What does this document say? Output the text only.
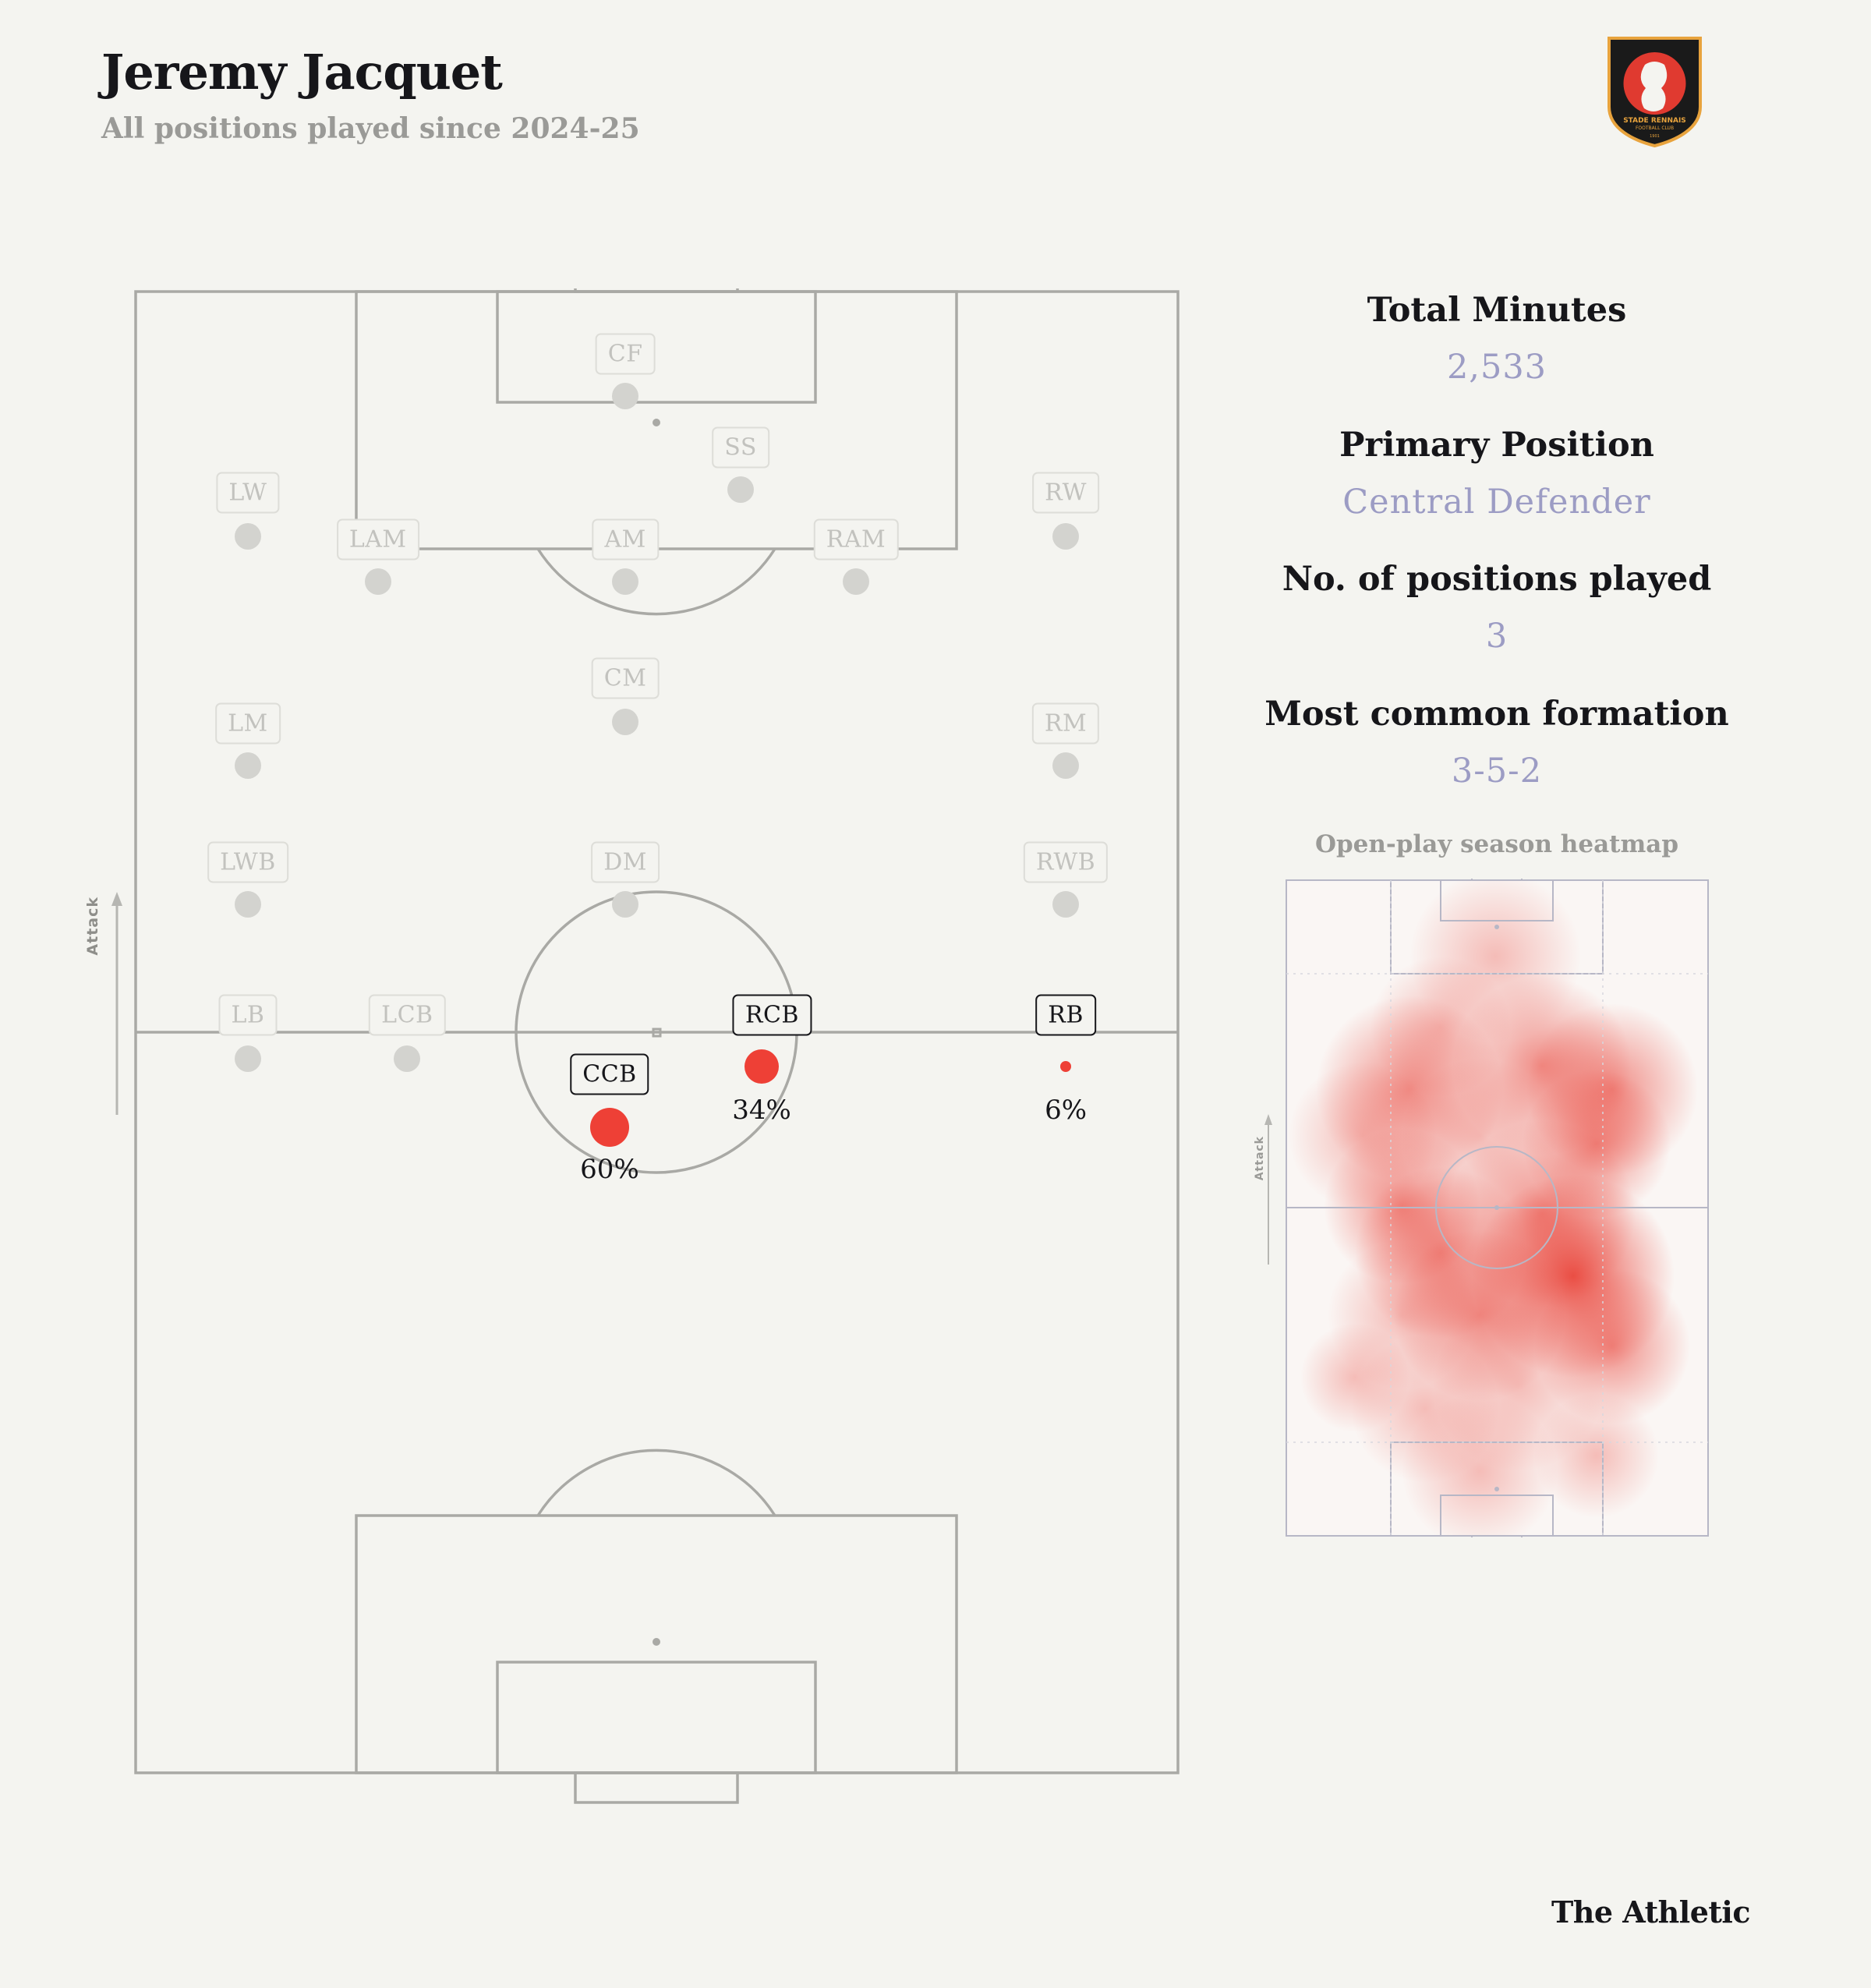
Jeremy Jacquet

All positions played since 2024-25	STADE RENNAIS
FOOTBALL CLUB
1901
Attack
CF
SS
LW	RW
LAM	AM	RAM
CM
LM	RM
LWB	DM	RWB
LB	LCB	RCB
34%
RB
6%
CCB
60%

Total Minutes

2,533

Primary Position

Central Defender

No. of positions played

3

Most common formation

3-5-2

Open-play season heatmap

Attack
The Athletic
